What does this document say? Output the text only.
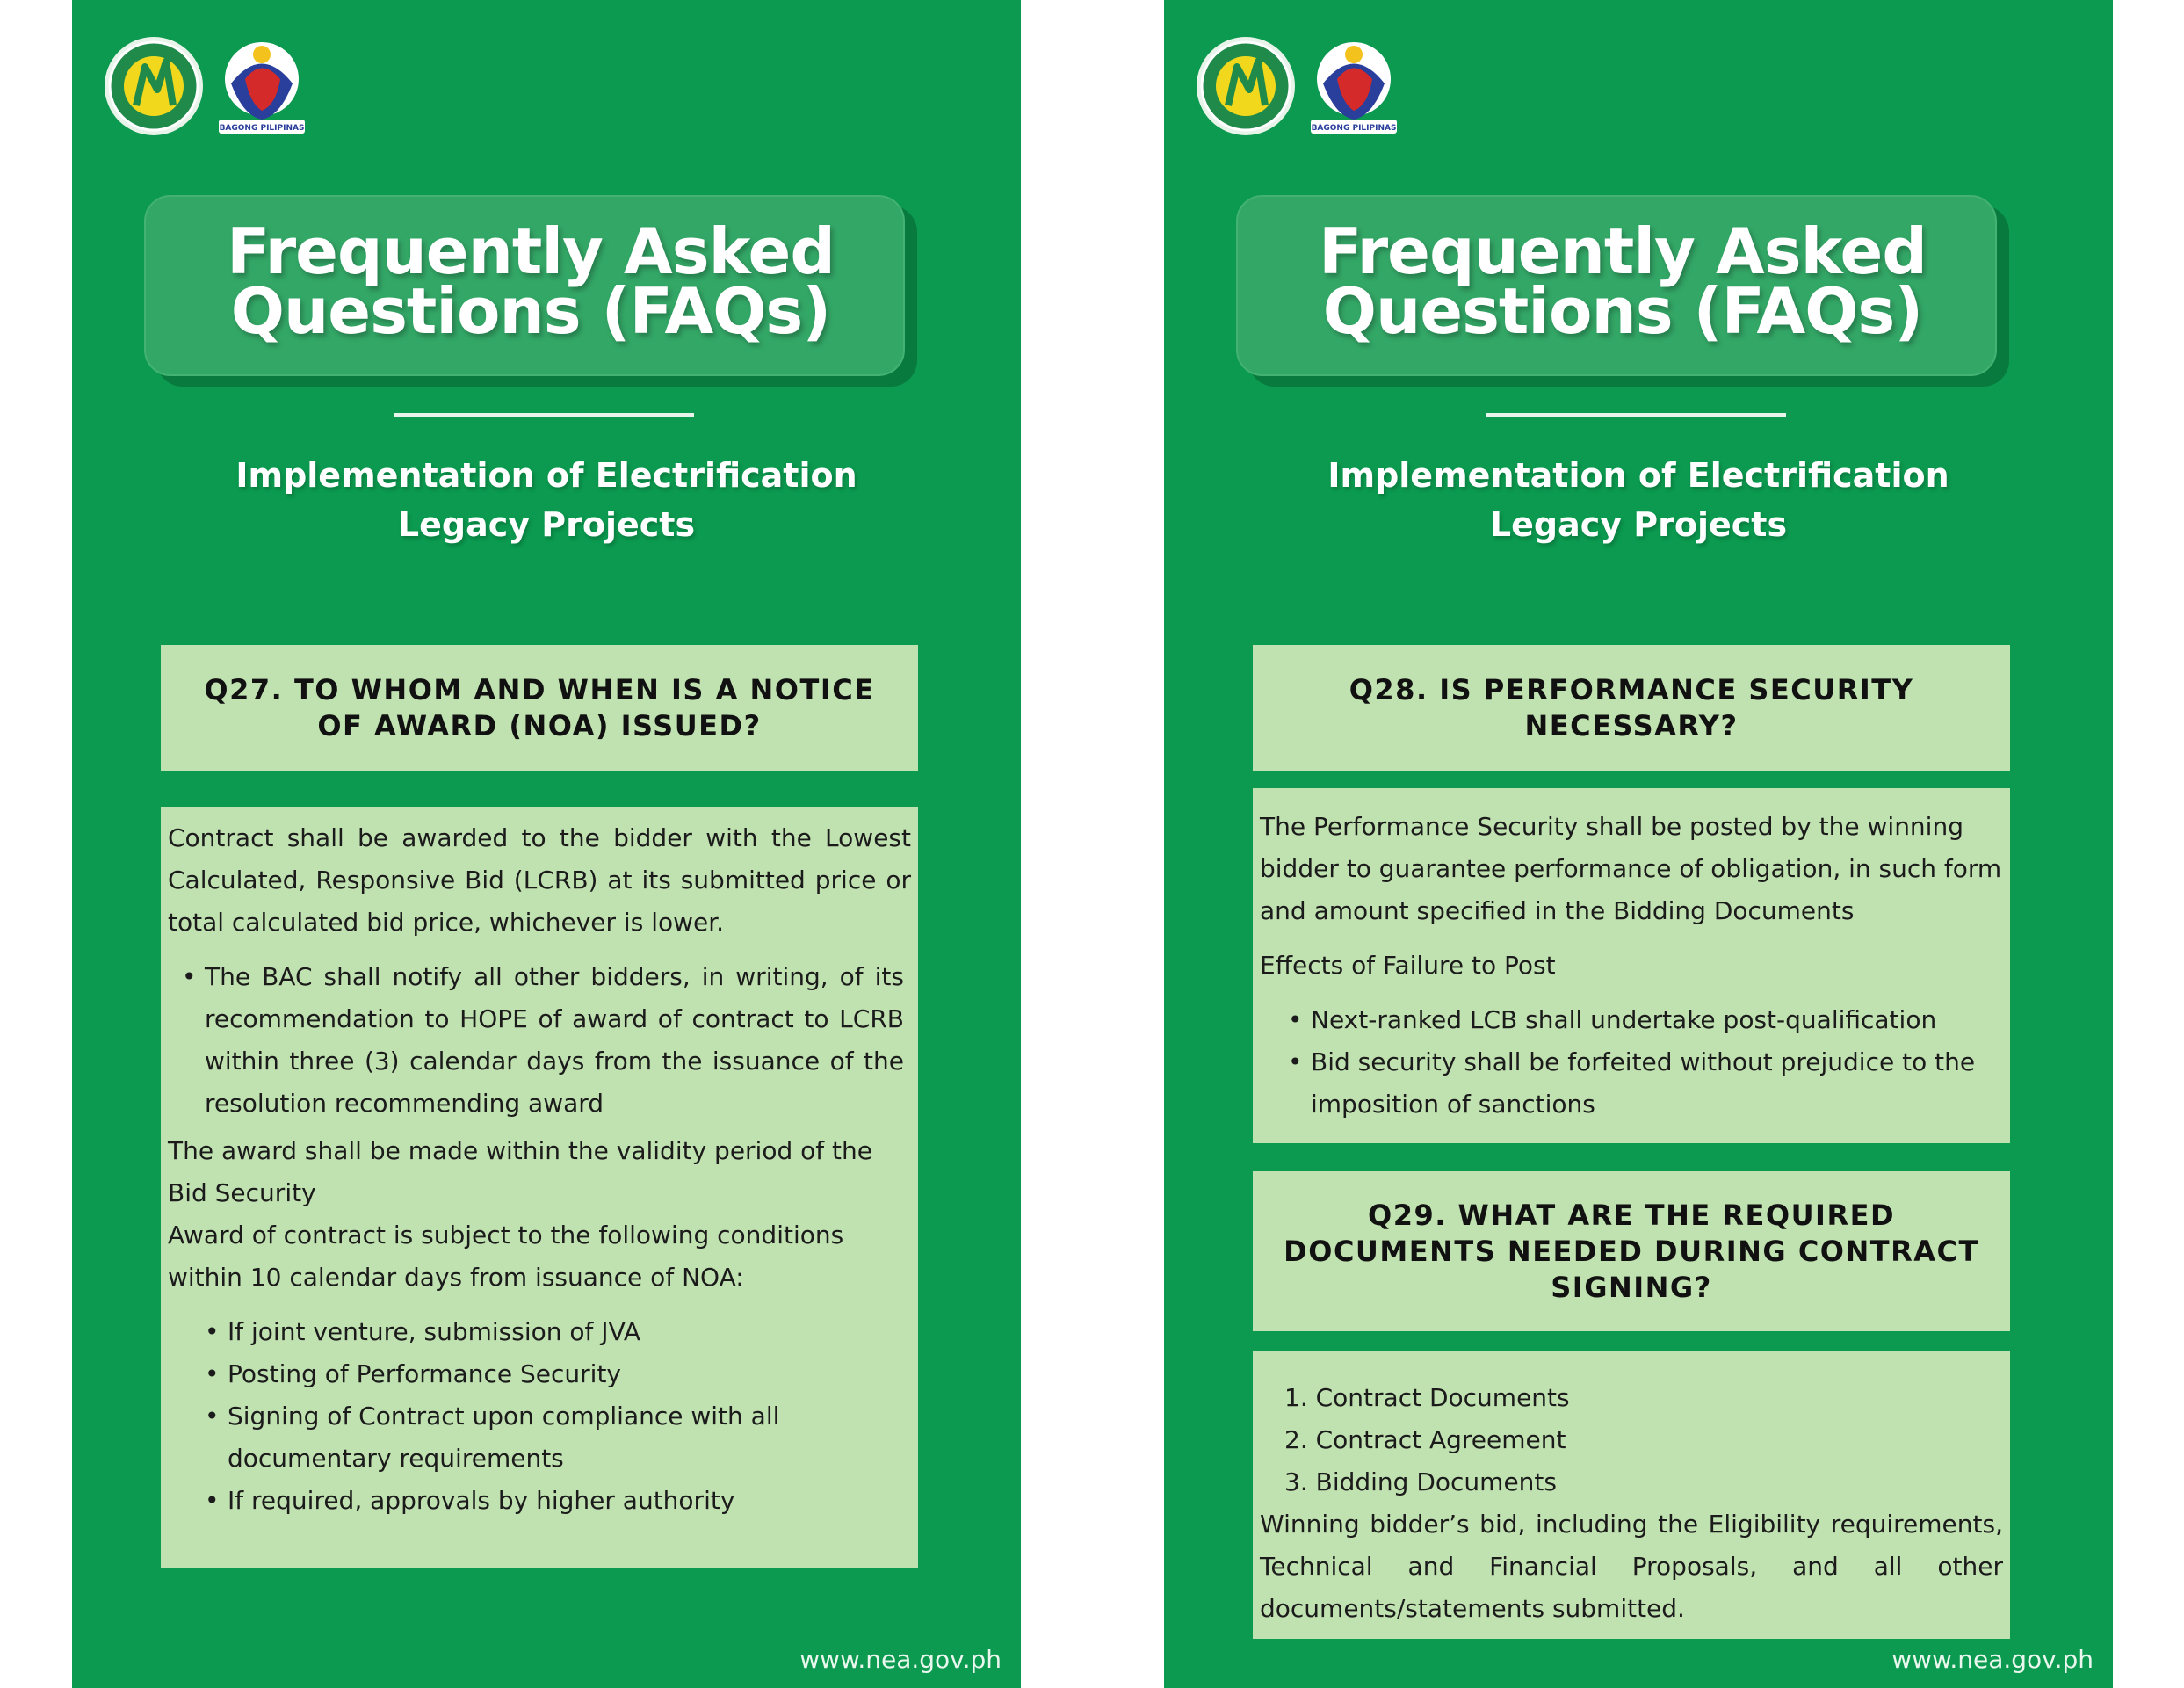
BAGONG PILIPINAS
Frequently Asked
Questions (FAQs)
Implementation of Electrification
Legacy Projects
Q27. TO WHOM AND WHEN IS A NOTICE OF AWARD (NOA) ISSUED?

Contract shall be awarded to the bidder with the Lowest Calculated, Responsive Bid (LCRB) at its submitted price or total calculated bid price, whichever is lower.

• The BAC shall notify all other bidders, in writing, of its recommendation to HOPE of award of contract to LCRB within three (3) calendar days from the issuance of the resolution recommending award

The award shall be made within the validity period of the Bid Security

Award of contract is subject to the following conditions within 10 calendar days from issuance of NOA:

• If joint venture, submission of JVA
• Posting of Performance Security
• Signing of Contract upon compliance with all documentary requirements
• If required, approvals by higher authority
www.nea.gov.ph
BAGONG PILIPINAS
Frequently Asked
Questions (FAQs)
Implementation of Electrification
Legacy Projects
Q28. IS PERFORMANCE SECURITY NECESSARY?

The Performance Security shall be posted by the winning bidder to guarantee performance of obligation, in such form and amount specified in the Bidding Documents

Effects of Failure to Post

• Next-ranked LCB shall undertake post-qualification
• Bid security shall be forfeited without prejudice to the imposition of sanctions
Q29. WHAT ARE THE REQUIRED DOCUMENTS NEEDED DURING CONTRACT SIGNING?
1. Contract Documents
2. Contract Agreement
3. Bidding Documents

Winning bidder’s bid, including the Eligibility requirements, Technical and Financial Proposals, and all other documents/statements submitted.

www.nea.gov.ph
